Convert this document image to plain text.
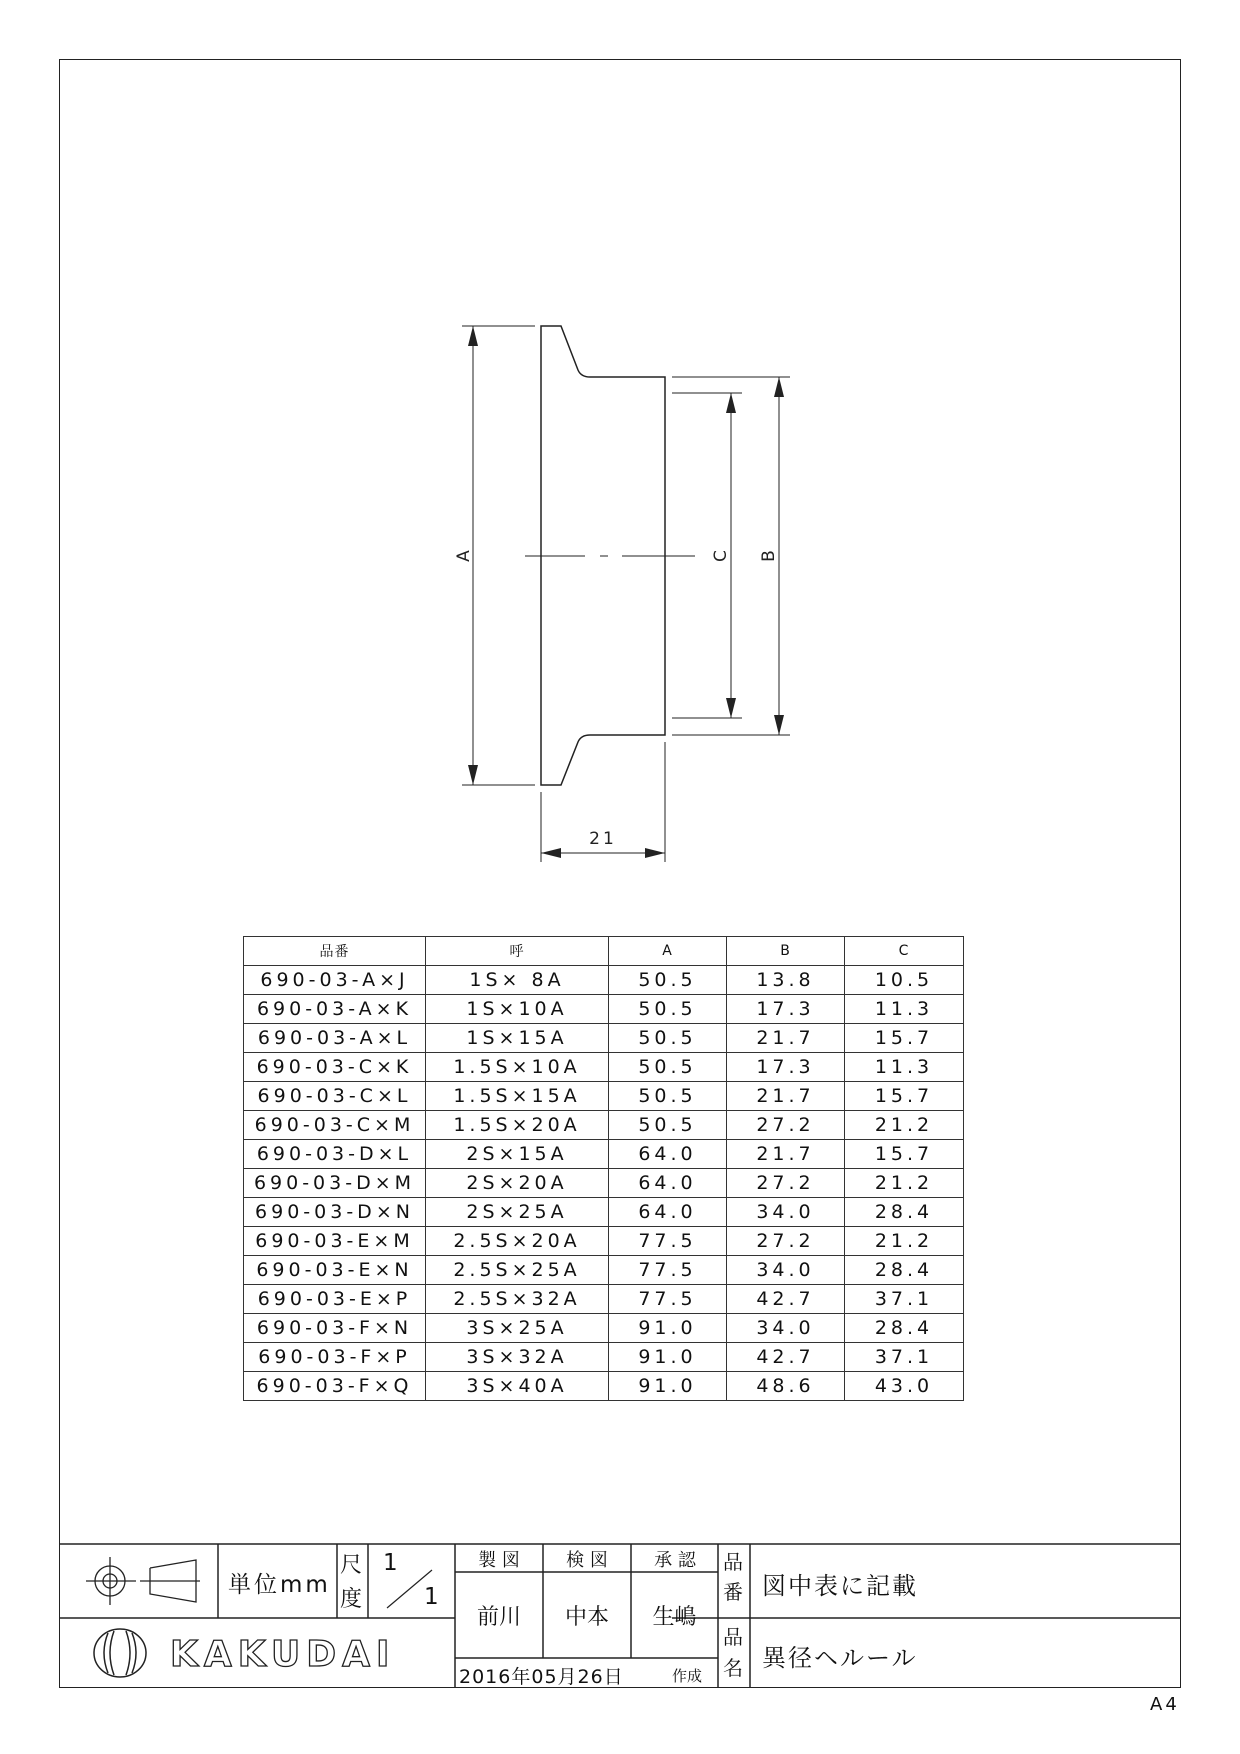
A	C B
21
品番	呼	A	B	C
690-03-A×J	1S× 8A	50.5	13.8	10.5
690-03-A×K	1S×10A	50.5	17.3	11.3
690-03-A×L	1S×15A	50.5	21.7	15.7
690-03-C×K	1.5S×10A	50.5	17.3	11.3
690-03-C×L	1.5S×15A	50.5	21.7	15.7
690-03-C×M	1.5S×20A	50.5	27.2	21.2
690-03-D×L	2S×15A	64.0	21.7	15.7
690-03-D×M	2S×20A	64.0	27.2	21.2
690-03-D×N	2S×25A	64.0	34.0	28.4
690-03-E×M	2.5S×20A	77.5	27.2	21.2
690-03-E×N	2.5S×25A	77.5	34.0	28.4
690-03-E×P	2.5S×32A	77.5	42.7	37.1
690-03-F×N	3S×25A	91.0	34.0	28.4
690-03-F×P	3S×32A	91.0	42.7	37.1
690-03-F×Q	3S×40A	91.0	48.6	43.0
単位mm
尺
度
1
1
製 図	検 図	承 認
前川	中本	生嶋
2016年05月26日	作成
品
番 図中表に記載
品
名 異径ヘルール
KAKUDAI
A4
